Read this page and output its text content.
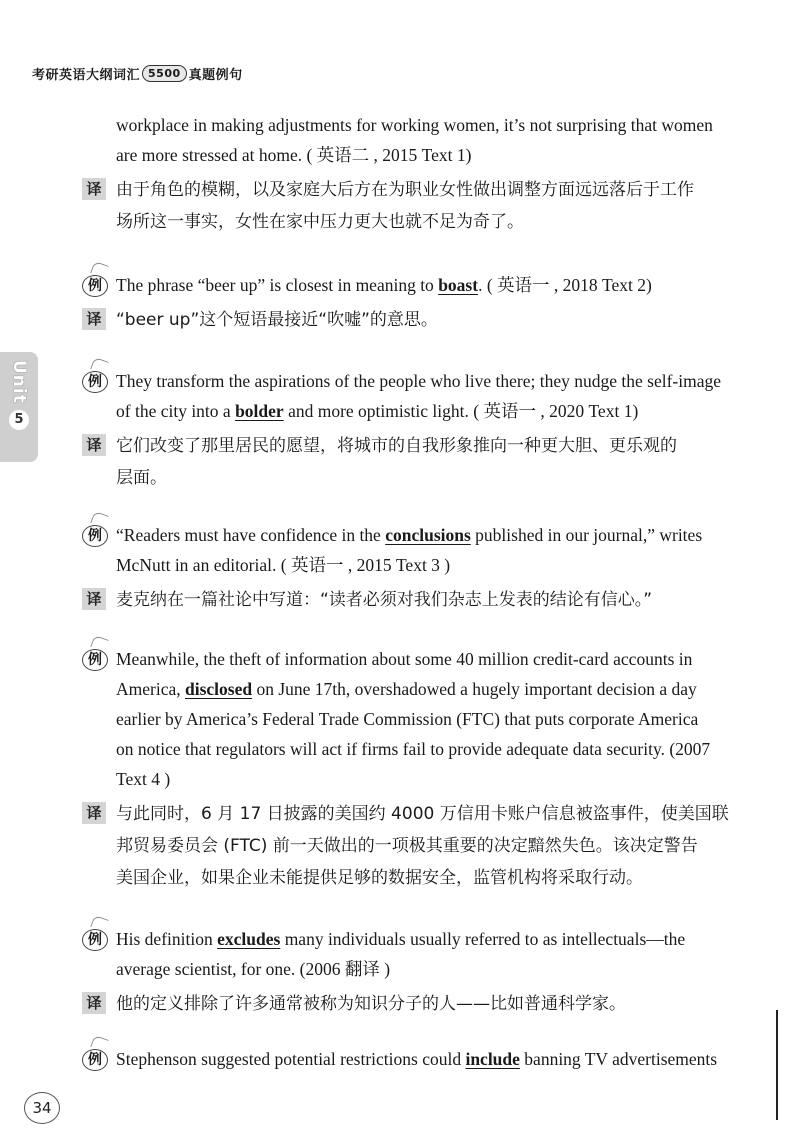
考研英语大纲词汇 5500 真题例句
Unit
5
workplace in making adjustments for working women, it’s not surprising that women
are more stressed at home. ( 英语二 , 2015 Text 1)
译 由于角色的模糊，以及家庭大后方在为职业女性做出调整方面远远落后于工作
场所这一事实，女性在家中压力更大也就不足为奇了。
例 The phrase “beer up” is closest in meaning to boast. ( 英语一 , 2018 Text 2)
译 “beer up”这个短语最接近“吹嘘”的意思。
例 They transform the aspirations of the people who live there; they nudge the self-image
of the city into a bolder and more optimistic light. ( 英语一 , 2020 Text 1)
译 它们改变了那里居民的愿望，将城市的自我形象推向一种更大胆、更乐观的
层面。
例 “Readers must have confidence in the conclusions published in our journal,” writes
McNutt in an editorial. ( 英语一 , 2015 Text 3 )
译 麦克纳在一篇社论中写道：“读者必须对我们杂志上发表的结论有信心。”
例 Meanwhile, the theft of information about some 40 million credit-card accounts in
America, disclosed on June 17th, overshadowed a hugely important decision a day
earlier by America’s Federal Trade Commission (FTC) that puts corporate America
on notice that regulators will act if firms fail to provide adequate data security. (2007
Text 4 )
译 与此同时，6 月 17 日披露的美国约 4000 万信用卡账户信息被盗事件，使美国联
邦贸易委员会 (FTC) 前一天做出的一项极其重要的决定黯然失色。该决定警告
美国企业，如果企业未能提供足够的数据安全，监管机构将采取行动。
例 His definition excludes many individuals usually referred to as intellectuals—the
average scientist, for one. (2006 翻译 )
译 他的定义排除了许多通常被称为知识分子的人——比如普通科学家。
例 Stephenson suggested potential restrictions could include banning TV advertisements
34
